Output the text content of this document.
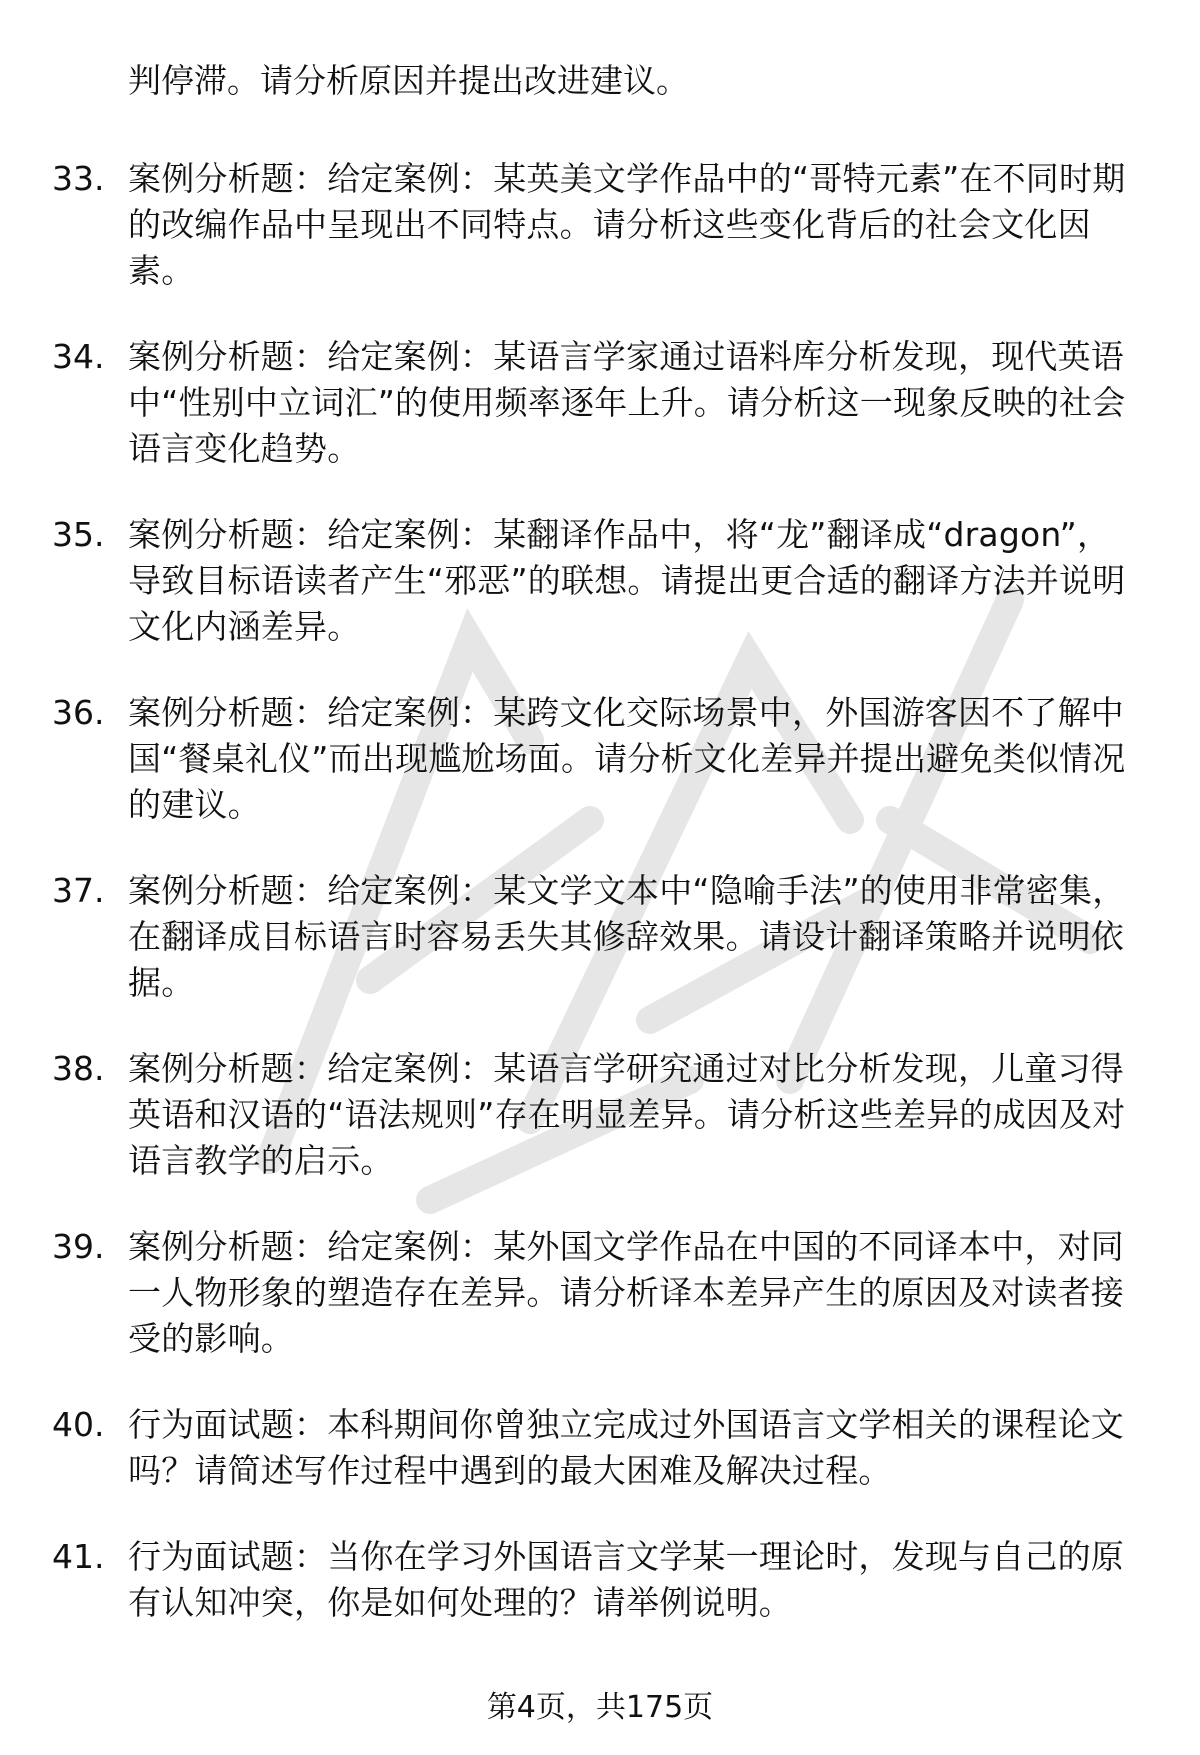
判停滞。请分析原因并提出改进建议。
33. 案例分析题：给定案例：某英美文学作品中的“哥特元素”在不同时期的改编作品中呈现出不同特点。请分析这些变化背后的社会文化因素。
34. 案例分析题：给定案例：某语言学家通过语料库分析发现，现代英语中“性别中立词汇”的使用频率逐年上升。请分析这一现象反映的社会语言变化趋势。
35. 案例分析题：给定案例：某翻译作品中，将“龙”翻译成“dragon”，导致目标语读者产生“邪恶”的联想。请提出更合适的翻译方法并说明文化内涵差异。
36. 案例分析题：给定案例：某跨文化交际场景中，外国游客因不了解中国“餐桌礼仪”而出现尴尬场面。请分析文化差异并提出避免类似情况的建议。
37. 案例分析题：给定案例：某文学文本中“隐喻手法”的使用非常密集，在翻译成目标语言时容易丢失其修辞效果。请设计翻译策略并说明依据。
38. 案例分析题：给定案例：某语言学研究通过对比分析发现，儿童习得英语和汉语的“语法规则”存在明显差异。请分析这些差异的成因及对语言教学的启示。
39. 案例分析题：给定案例：某外国文学作品在中国的不同译本中，对同一人物形象的塑造存在差异。请分析译本差异产生的原因及对读者接受的影响。
40. 行为面试题：本科期间你曾独立完成过外国语言文学相关的课程论文吗？请简述写作过程中遇到的最大困难及解决过程。
41. 行为面试题：当你在学习外国语言文学某一理论时，发现与自己的原有认知冲突，你是如何处理的？请举例说明。
第4页，共175页
